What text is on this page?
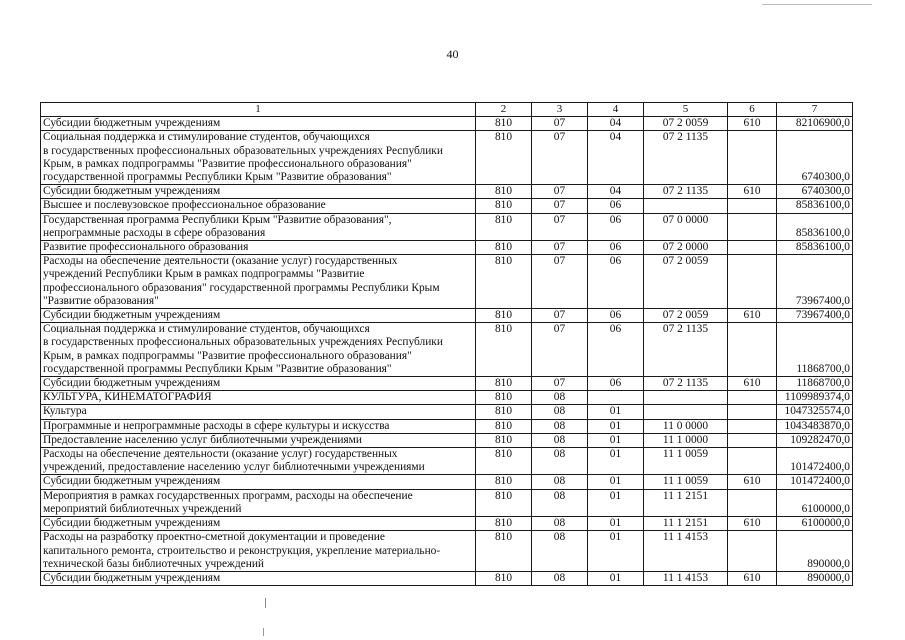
40
1	2	3	4	5	6	7

Субсидии бюджетным учреждениям	810	07	04	07 2 0059	610	82106900,0

Социальная поддержка и стимулирование студентов, обучающихся
в государственных профессиональных образовательных учреждениях Республики
Крым, в рамках подпрограммы "Развитие профессионального образования"
государственной программы Республики Крым "Развитие образования"	810	07	04	07 2 1135		6740300,0

Субсидии бюджетным учреждениям	810	07	04	07 2 1135	610	6740300,0

Высшее и послевузовское профессиональное образование	810	07	06			85836100,0

Государственная программа Республики Крым "Развитие образования",
непрограммные расходы в сфере образования	810	07	06	07 0 0000		85836100,0

Развитие профессионального образования	810	07	06	07 2 0000		85836100,0

Расходы на обеспечение деятельности (оказание услуг) государственных
учреждений Республики Крым в рамках подпрограммы "Развитие
профессионального образования" государственной программы Республики Крым
"Развитие образования"	810	07	06	07 2 0059		73967400,0

Субсидии бюджетным учреждениям	810	07	06	07 2 0059	610	73967400,0

Социальная поддержка и стимулирование студентов, обучающихся
в государственных профессиональных образовательных учреждениях Республики
Крым, в рамках подпрограммы "Развитие профессионального образования"
государственной программы Республики Крым "Развитие образования"	810	07	06	07 2 1135		11868700,0

Субсидии бюджетным учреждениям	810	07	06	07 2 1135	610	11868700,0

КУЛЬТУРА, КИНЕМАТОГРАФИЯ	810	08				1109989374,0

Культура	810	08	01			1047325574,0

Программные и непрограммные расходы в сфере культуры и искусства	810	08	01	11 0 0000		1043483870,0

Предоставление населению услуг библиотечными учреждениями	810	08	01	11 1 0000		109282470,0

Расходы на обеспечение деятельности (оказание услуг) государственных
учреждений, предоставление населению услуг библиотечными учреждениями	810	08	01	11 1 0059		101472400,0

Субсидии бюджетным учреждениям	810	08	01	11 1 0059	610	101472400,0

Мероприятия в рамках государственных программ, расходы на обеспечение
мероприятий библиотечных учреждений	810	08	01	11 1 2151		6100000,0

Субсидии бюджетным учреждениям	810	08	01	11 1 2151	610	6100000,0

Расходы на разработку проектно-сметной документации и проведение
капитального ремонта, строительство и реконструкция, укрепление материально-
технической базы библиотечных учреждений	810	08	01	11 1 4153		890000,0

Субсидии бюджетным учреждениям	810	08	01	11 1 4153	610	890000,0
